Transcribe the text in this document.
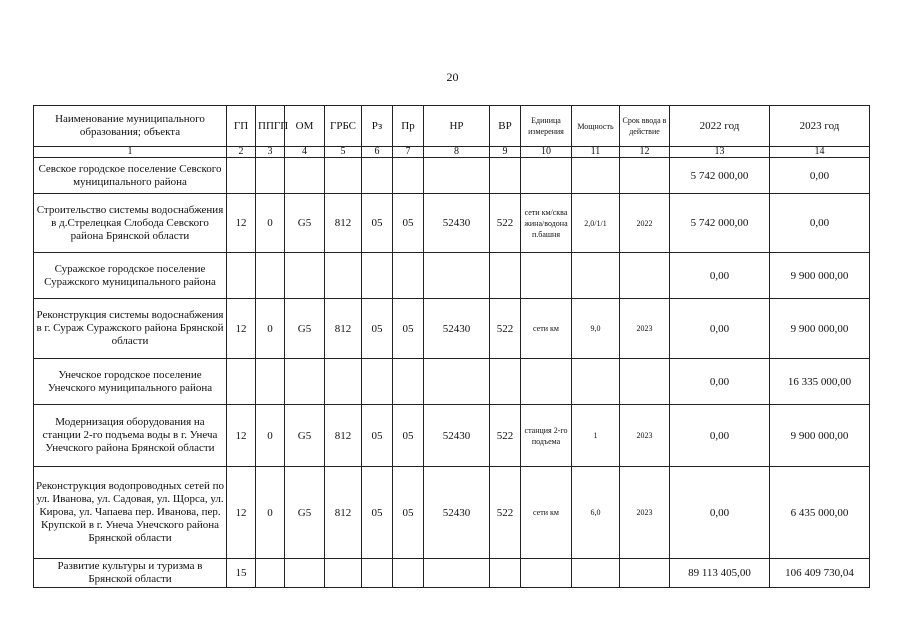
20
Наименование муниципального образования; объекта	ГП	ППГП	ОМ	ГРБС	Рз	Пр	НР	ВР	Единица измерения	Мощность	Срок ввода в действие	2022 год	2023 год
1	2	3	4	5	6	7	8	9	10	11	12	13	14
Севское городское поселение Севского муниципального района												5 742 000,00	0,00
Строительство системы водоснабжения в д.Стрелецкая Слобода Севского района Брянской области	12	0	G5	812	05	05	52430	522	сети км/скважина/водонап.башня	2,0/1/1	2022	5 742 000,00	0,00
Суражское городское поселение Суражского муниципального района												0,00	9 900 000,00
Реконструкция системы водоснабжения в г. Сураж Суражского района Брянской области	12	0	G5	812	05	05	52430	522	сети км	9,0	2023	0,00	9 900 000,00
Унечское городское поселение Унечского муниципального района												0,00	16 335 000,00
Модернизация оборудования на станции 2-го подъема воды в г. Унеча Унечского района Брянской области	12	0	G5	812	05	05	52430	522	станция 2-го подъема	1	2023	0,00	9 900 000,00
Реконструкция водопроводных сетей по ул. Иванова, ул. Садовая, ул. Щорса, ул. Кирова, ул. Чапаева пер. Иванова, пер. Крупской в г. Унеча Унечского района Брянской области	12	0	G5	812	05	05	52430	522	сети км	6,0	2023	0,00	6 435 000,00
Развитие культуры и туризма в Брянской области	15											89 113 405,00	106 409 730,04
